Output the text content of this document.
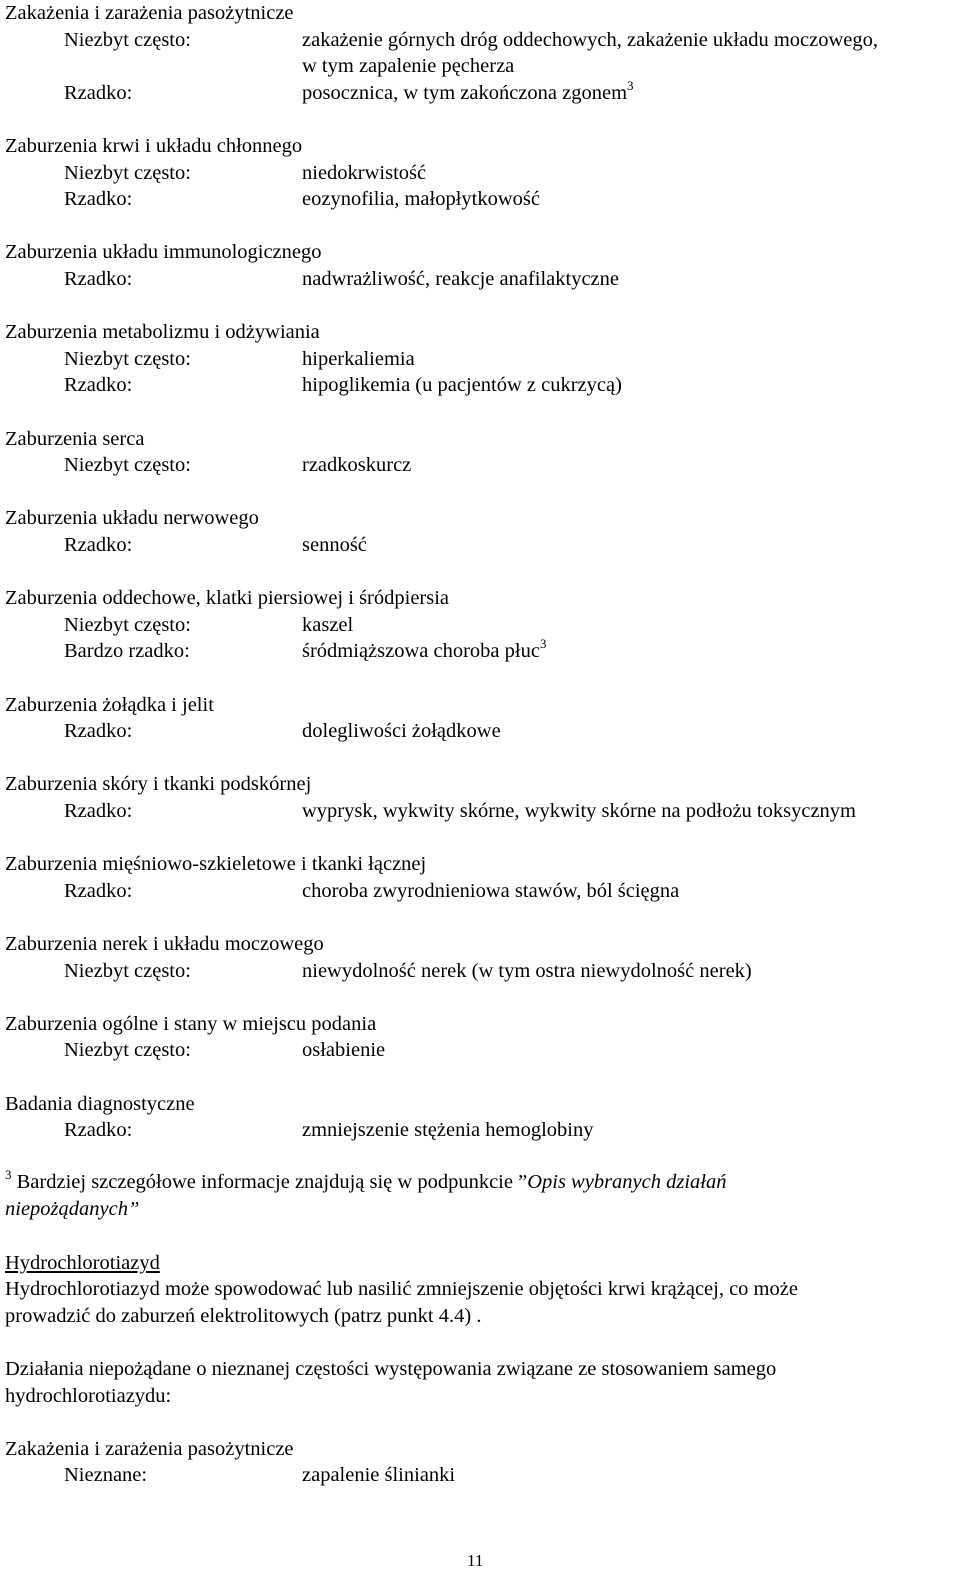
Zakażenia i zarażenia pasożytnicze
Niezbyt często:	zakażenie górnych dróg oddechowych, zakażenie układu moczowego,
w tym zapalenie pęcherza
Rzadko:	posocznica, w tym zakończona zgonem$^3$
Zaburzenia krwi i układu chłonnego
Niezbyt często:	niedokrwistość
Rzadko:	eozynofilia, małopłytkowość
Zaburzenia układu immunologicznego
Rzadko:	nadwrażliwość, reakcje anafilaktyczne
Zaburzenia metabolizmu i odżywiania
Niezbyt często:	hiperkaliemia
Rzadko:	hipoglikemia (u pacjentów z cukrzycą)
Zaburzenia serca
Niezbyt często:	rzadkoskurcz
Zaburzenia układu nerwowego
Rzadko:	senność
Zaburzenia oddechowe, klatki piersiowej i śródpiersia
Niezbyt często:	kaszel
Bardzo rzadko:	śródmiąższowa choroba płuc$^3$
Zaburzenia żołądka i jelit
Rzadko:	dolegliwości żołądkowe
Zaburzenia skóry i tkanki podskórnej
Rzadko:	wyprysk, wykwity skórne, wykwity skórne na podłożu toksycznym
Zaburzenia mięśniowo-szkieletowe i tkanki łącznej
Rzadko:	choroba zwyrodnieniowa stawów, ból ścięgna
Zaburzenia nerek i układu moczowego
Niezbyt często:	niewydolność nerek (w tym ostra niewydolność nerek)
Zaburzenia ogólne i stany w miejscu podania
Niezbyt często:	osłabienie
Badania diagnostyczne
Rzadko:	zmniejszenie stężenia hemoglobiny
$^3$ Bardziej szczegółowe informacje znajdują się w podpunkcie ”Opis wybranych działań
niepożądanych”
Hydrochlorotiazyd
Hydrochlorotiazyd może spowodować lub nasilić zmniejszenie objętości krwi krążącej, co może
prowadzić do zaburzeń elektrolitowych (patrz punkt 4.4) .
Działania niepożądane o nieznanej częstości występowania związane ze stosowaniem samego
hydrochlorotiazydu:
Zakażenia i zarażenia pasożytnicze
Nieznane:	zapalenie ślinianki
11
